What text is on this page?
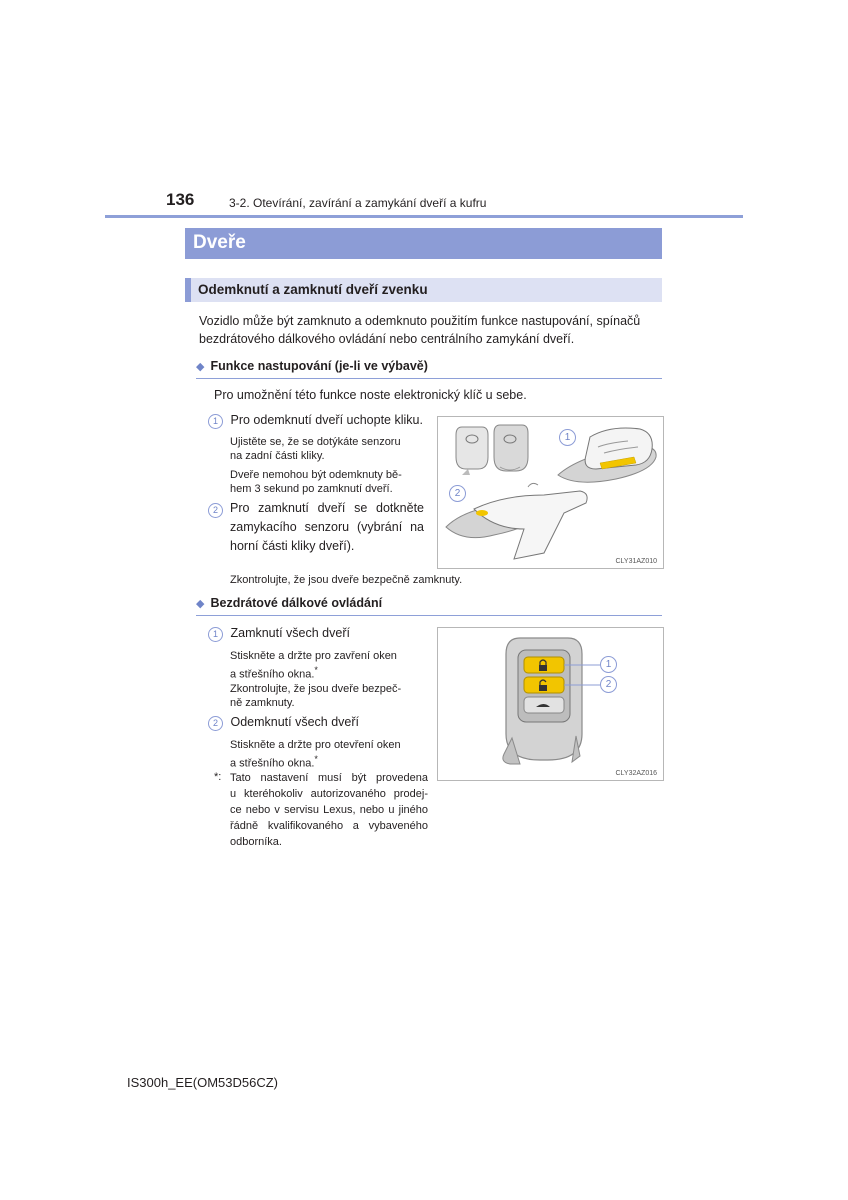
136	3-2. Otevírání, zavírání a zamykání dveří a kufru
Dveře
Odemknutí a zamknutí dveří zvenku
Vozidlo může být zamknuto a odemknuto použitím funkce nastupování, spínačů
bezdrátového dálkového ovládání nebo centrálního zamykání dveří.
◆ Funkce nastupování (je-li ve výbavě)
Pro umožnění této funkce noste elektronický klíč u sebe.
1 Pro odemknutí dveří uchopte kliku.
Ujistěte se, že se dotýkáte senzoru
na zadní části kliky.
Dveře nemohou být odemknuty bě-
hem 3 sekund po zamknutí dveří.
2 Pro zamknutí dveří se dotkněte
zamykacího senzoru (vybrání na
horní části kliky dveří).
1
2
CLY31AZ010
Zkontrolujte, že jsou dveře bezpečně zamknuty.
◆ Bezdrátové dálkové ovládání
1 Zamknutí všech dveří
Stiskněte a držte pro zavření oken
a střešního okna.*
Zkontrolujte, že jsou dveře bezpeč-
ně zamknuty.
2 Odemknutí všech dveří
Stiskněte a držte pro otevření oken
a střešního okna.*
*: Tato nastavení musí být provedena
u kteréhokoliv autorizovaného prodej-
ce nebo v servisu Lexus, nebo u jiného
řádně kvalifikovaného a vybaveného
odborníka.
1
2
CLY32AZ016
IS300h_EE(OM53D56CZ)
